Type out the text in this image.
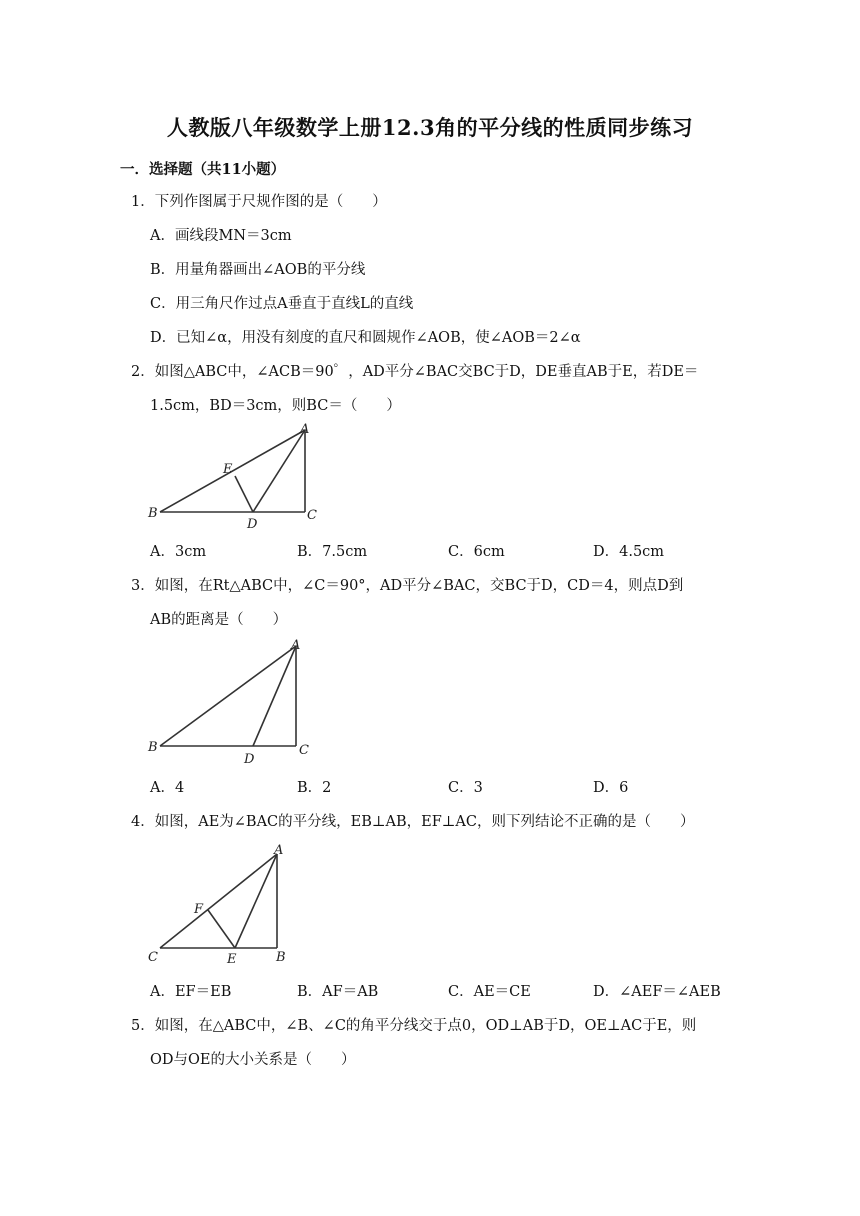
人教版八年级数学上册12.3角的平分线的性质同步练习
一．选择题（共11小题）
1．下列作图属于尺规作图的是（　　）
A．画线段MN＝3cm
B．用量角器画出∠AOB的平分线
C．用三角尺作过点A垂直于直线L的直线
D．已知∠α，用没有刻度的直尺和圆规作∠AOB，使∠AOB＝2∠α
2．如图△ABC中，∠ACB＝90゜，AD平分∠BAC交BC于D，DE垂直AB于E，若DE＝
1.5cm，BD＝3cm，则BC＝（　　）
A
E
B
D
C
A．3cm	B．7.5cm	C．6cm	D．4.5cm
3．如图，在Rt△ABC中，∠C＝90°，AD平分∠BAC，交BC于D，CD＝4，则点D到
AB的距离是（　　）
A
B
D
C
A．4	B．2	C．3	D．6
4．如图，AE为∠BAC的平分线，EB⊥AB，EF⊥AC，则下列结论不正确的是（　　）
A
F
C	E	B
A．EF＝EB	B．AF＝AB	C．AE＝CE	D．∠AEF＝∠AEB
5．如图，在△ABC中，∠B、∠C的角平分线交于点0，OD⊥AB于D，OE⊥AC于E，则
OD与OE的大小关系是（　　）
